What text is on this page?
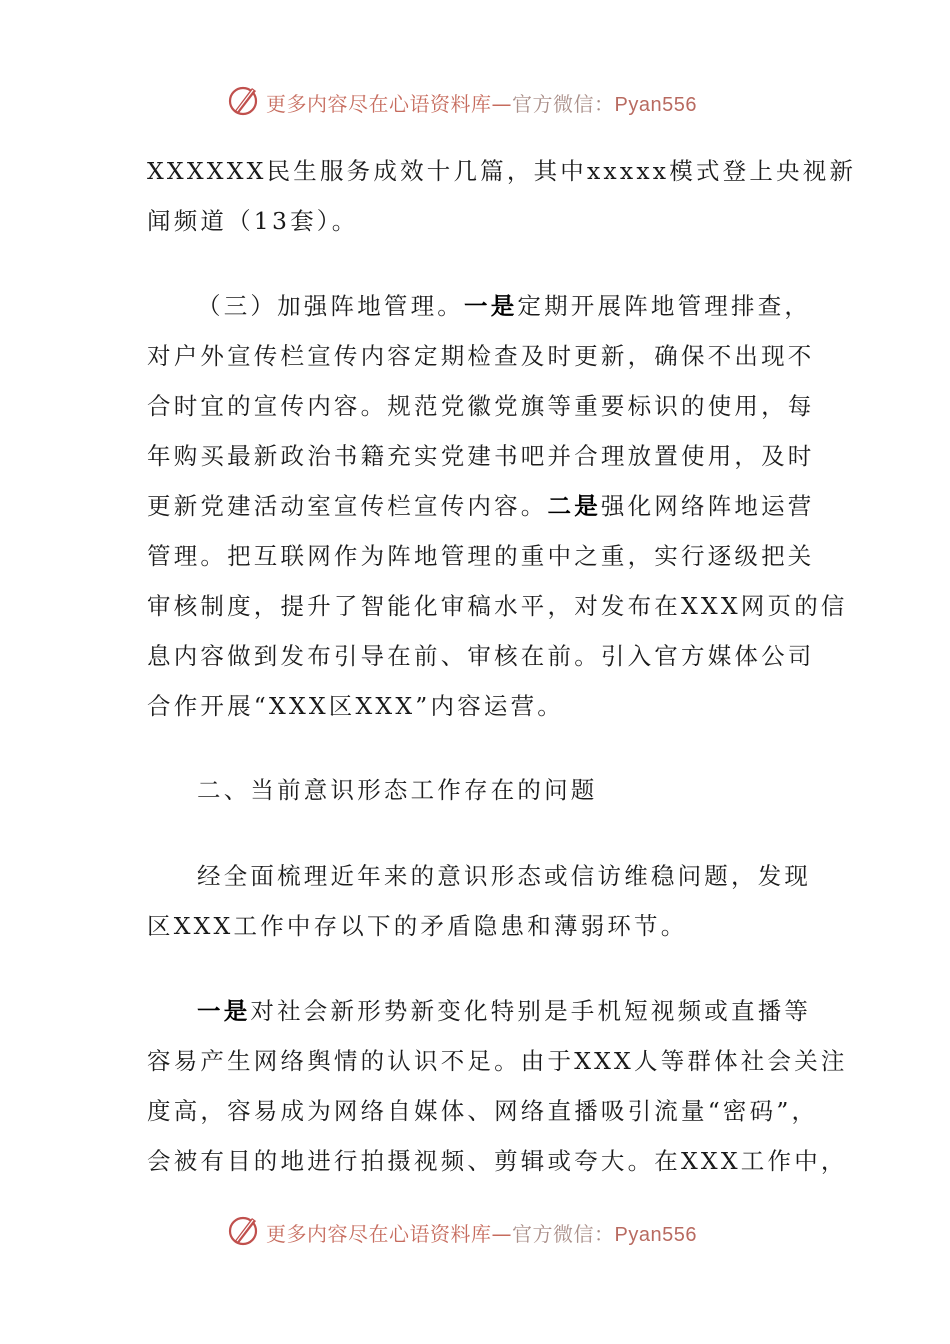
更多内容尽在心语资料库—官方微信：Pyan556
XXXXXX民生服务成效十几篇，其中xxxxx模式登上央视新
闻频道（13套）。
（三）加强阵地管理。一是定期开展阵地管理排查，
对户外宣传栏宣传内容定期检查及时更新，确保不出现不
合时宜的宣传内容。规范党徽党旗等重要标识的使用，每
年购买最新政治书籍充实党建书吧并合理放置使用，及时
更新党建活动室宣传栏宣传内容。二是强化网络阵地运营
管理。把互联网作为阵地管理的重中之重，实行逐级把关
审核制度，提升了智能化审稿水平，对发布在XXX网页的信
息内容做到发布引导在前、审核在前。引入官方媒体公司
合作开展“XXX区XXX”内容运营。
二、当前意识形态工作存在的问题
经全面梳理近年来的意识形态或信访维稳问题，发现
区XXX工作中存以下的矛盾隐患和薄弱环节。
一是对社会新形势新变化特别是手机短视频或直播等
容易产生网络舆情的认识不足。由于XXX人等群体社会关注
度高，容易成为网络自媒体、网络直播吸引流量“密码”，
会被有目的地进行拍摄视频、剪辑或夸大。在XXX工作中，
更多内容尽在心语资料库—官方微信：Pyan556
